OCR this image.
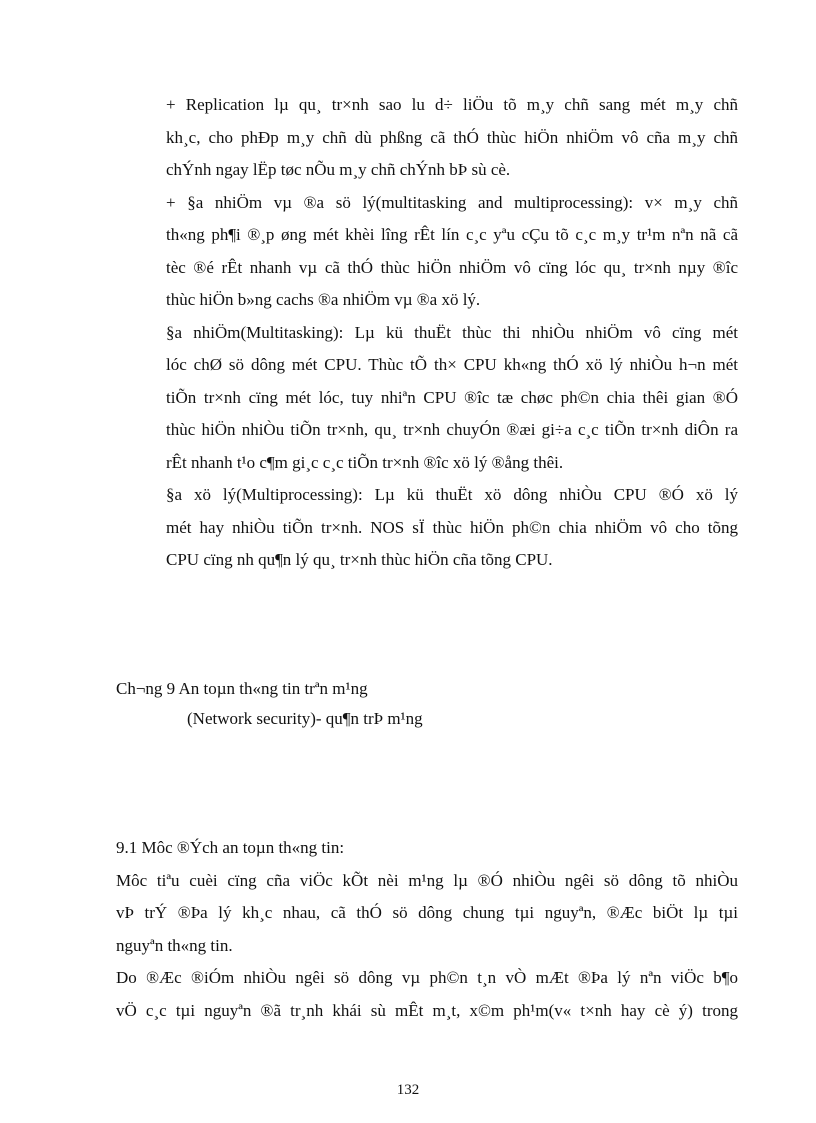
+ Replication lµ qu¸ tr×nh sao lu d÷ liÖu tõ m¸y chñ sang mét m¸y chñ
kh¸c, cho phÐp m¸y chñ dù phßng cã thÓ thùc hiÖn nhiÖm vô cña m¸y chñ
chÝnh ngay lËp tøc nÕu m¸y chñ chÝnh bÞ sù cè.

+ §a nhiÖm vµ ®a sö lý(multitasking and multiprocessing): v× m¸y chñ
th«ng ph¶i ®¸p øng mét khèi lîng rÊt lín c¸c yªu cÇu tõ c¸c m¸y tr¹m nªn nã cã
tèc ®é rÊt nhanh vµ cã thÓ thùc hiÖn nhiÖm vô cïng lóc qu¸ tr×nh nµy ®îc
thùc hiÖn b»ng cachs ®a nhiÖm vµ ®a xö lý.

§a nhiÖm(Multitasking): Lµ kü thuËt thùc thi nhiÒu nhiÖm vô cïng mét
lóc chØ sö dông mét CPU. Thùc tÕ th× CPU kh«ng thÓ xö lý nhiÒu h¬n mét
tiÕn tr×nh cïng mét lóc, tuy nhiªn CPU ®îc tæ chøc ph©n chia thêi gian ®Ó
thùc hiÖn nhiÒu tiÕn tr×nh, qu¸ tr×nh chuyÓn ®æi gi÷a c¸c tiÕn tr×nh diÔn ra
rÊt nhanh t¹o c¶m gi¸c c¸c tiÕn tr×nh ®îc xö lý ®ång thêi.

§a xö lý(Multiprocessing): Lµ kü thuËt xö dông nhiÒu CPU ®Ó xö lý
mét hay nhiÒu tiÕn tr×nh. NOS sÏ thùc hiÖn ph©n chia nhiÖm vô cho tõng
CPU cïng nh qu¶n lý qu¸ tr×nh thùc hiÖn cña tõng CPU.

Ch¬ng 9 An toµn th«ng tin trªn m¹ng

(Network security)- qu¶n trÞ m¹ng

9.1 Môc ®Ých an toµn th«ng tin:

Môc tiªu cuèi cïng cña viÖc kÕt nèi m¹ng lµ ®Ó nhiÒu ngêi sö dông tõ nhiÒu
vÞ trÝ ®Þa lý kh¸c nhau, cã thÓ sö dông chung tµi nguyªn, ®Æc biÖt lµ tµi
nguyªn th«ng tin.

Do ®Æc ®iÓm nhiÒu ngêi sö dông vµ ph©n t¸n vÒ mÆt ®Þa lý nªn viÖc b¶o
vÖ c¸c tµi nguyªn ®ã tr¸nh khái sù mÊt m¸t, x©m ph¹m(v« t×nh hay cè ý) trong

132
